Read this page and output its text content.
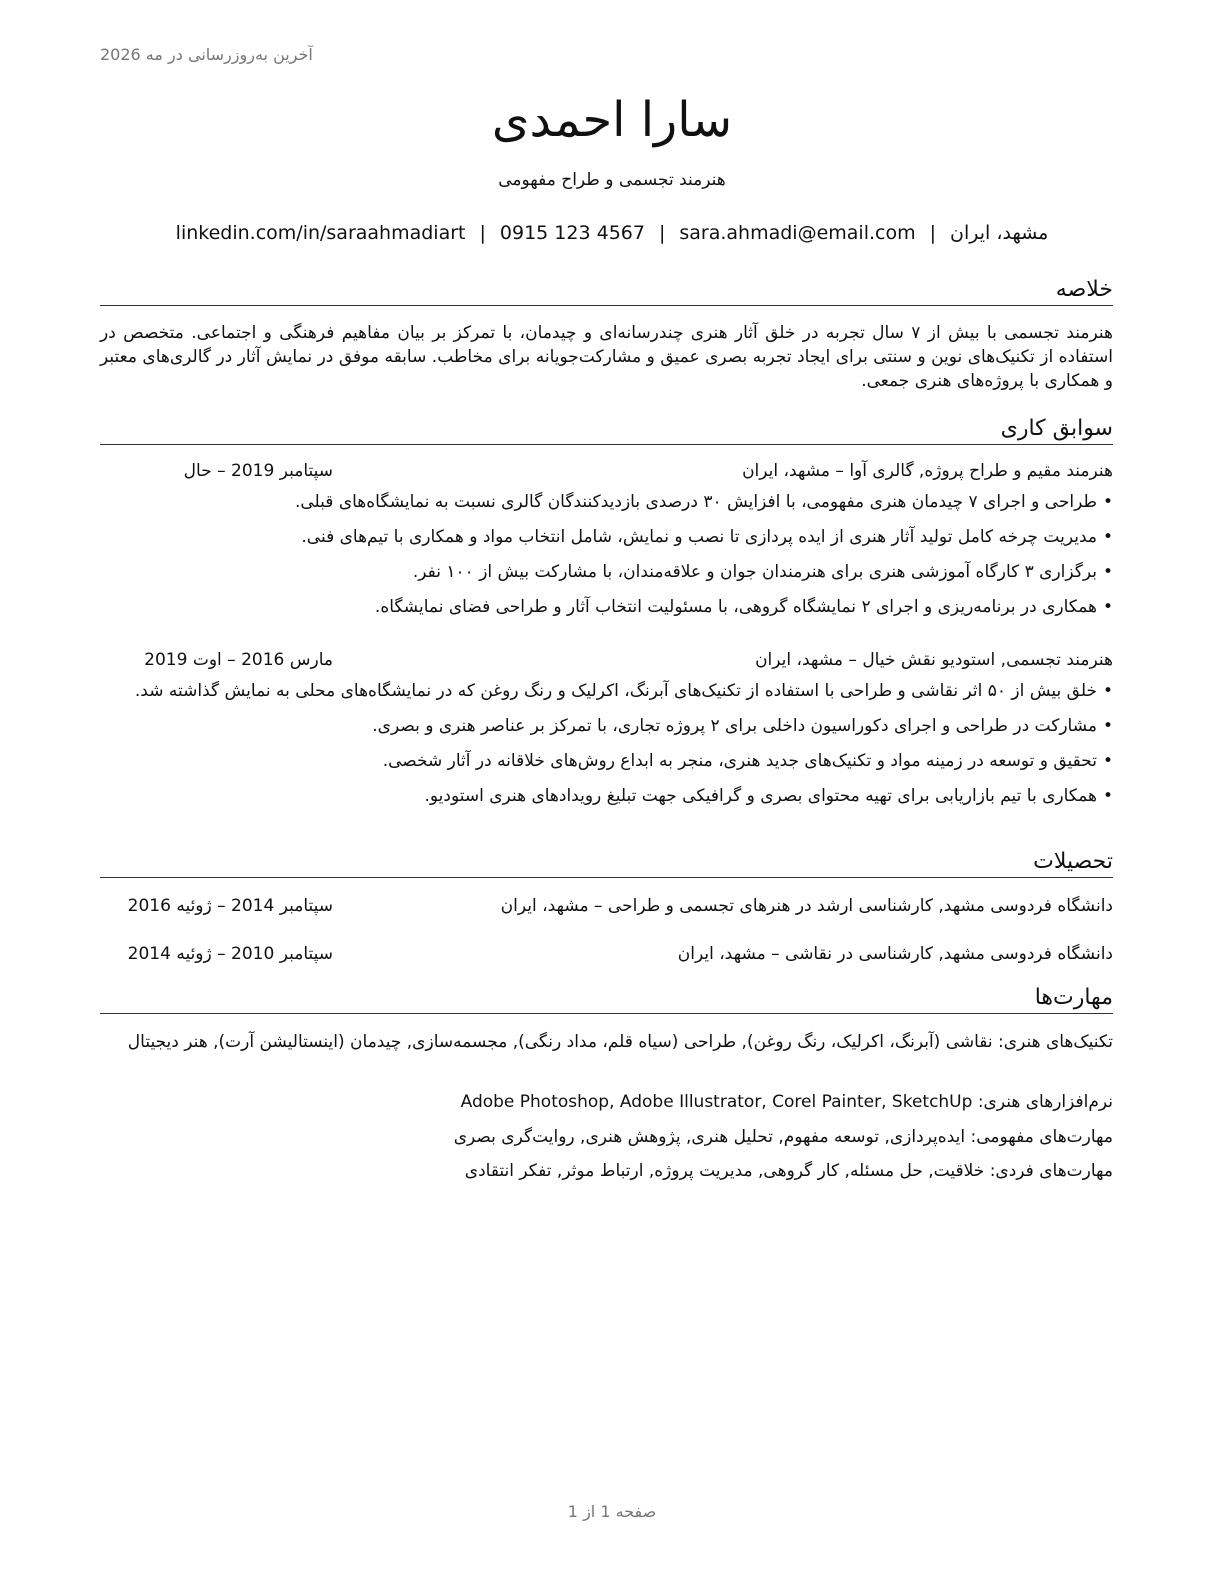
آخرین به‌روزرسانی در مه 2026
سارا احمدی
هنرمند تجسمی و طراح مفهومی
مشهد، ایران|sara.ahmadi@email.com|0915 123 4567|linkedin.com/in/saraahmadiart
خلاصه
هنرمند تجسمی با بیش از ۷ سال تجربه در خلق آثار هنری چندرسانه‌ای و چیدمان، با تمرکز بر بیان مفاهیم فرهنگی و اجتماعی. متخصص در استفاده از تکنیک‌های نوین و سنتی برای ایجاد تجربه بصری عمیق و مشارکت‌جویانه برای مخاطب. سابقه موفق در نمایش آثار در گالری‌های معتبر و همکاری با پروژه‌های هنری جمعی.
سوابق کاری
هنرمند مقیم و طراح پروژه, گالری آوا – مشهد، ایران
سپتامبر 2019 – حال
• طراحی و اجرای ۷ چیدمان هنری مفهومی، با افزایش ۳۰ درصدی بازدیدکنندگان گالری نسبت به نمایشگاه‌های قبلی.
• مدیریت چرخه کامل تولید آثار هنری از ایده پردازی تا نصب و نمایش، شامل انتخاب مواد و همکاری با تیم‌های فنی.
• برگزاری ۳ کارگاه آموزشی هنری برای هنرمندان جوان و علاقه‌مندان، با مشارکت بیش از ۱۰۰ نفر.
• همکاری در برنامه‌ریزی و اجرای ۲ نمایشگاه گروهی، با مسئولیت انتخاب آثار و طراحی فضای نمایشگاه.
هنرمند تجسمی, استودیو نقش خیال – مشهد، ایران
مارس 2016 – اوت 2019
• خلق بیش از ۵۰ اثر نقاشی و طراحی با استفاده از تکنیک‌های آبرنگ، اکرلیک و رنگ روغن که در نمایشگاه‌های محلی به نمایش گذاشته شد.
• مشارکت در طراحی و اجرای دکوراسیون داخلی برای ۲ پروژه تجاری، با تمرکز بر عناصر هنری و بصری.
• تحقیق و توسعه در زمینه مواد و تکنیک‌های جدید هنری، منجر به ابداع روش‌های خلاقانه در آثار شخصی.
• همکاری با تیم بازاریابی برای تهیه محتوای بصری و گرافیکی جهت تبلیغ رویدادهای هنری استودیو.
تحصیلات
دانشگاه فردوسی مشهد, کارشناسی ارشد در هنرهای تجسمی و طراحی – مشهد، ایران
سپتامبر 2014 – ژوئیه 2016
دانشگاه فردوسی مشهد, کارشناسی در نقاشی – مشهد، ایران
سپتامبر 2010 – ژوئیه 2014
مهارت‌ها
تکنیک‌های هنری: نقاشی (آبرنگ، اکرلیک، رنگ روغن), طراحی (سیاه قلم، مداد رنگی), مجسمه‌سازی, چیدمان (اینستالیشن آرت), هنر دیجیتال
نرم‌افزارهای هنری: Adobe Photoshop, Adobe Illustrator, Corel Painter, SketchUp
مهارت‌های مفهومی: ایده‌پردازی, توسعه مفهوم, تحلیل هنری, پژوهش هنری, روایت‌گری بصری
مهارت‌های فردی: خلاقیت, حل مسئله, کار گروهی, مدیریت پروژه, ارتباط موثر, تفکر انتقادی
صفحه 1 از 1
